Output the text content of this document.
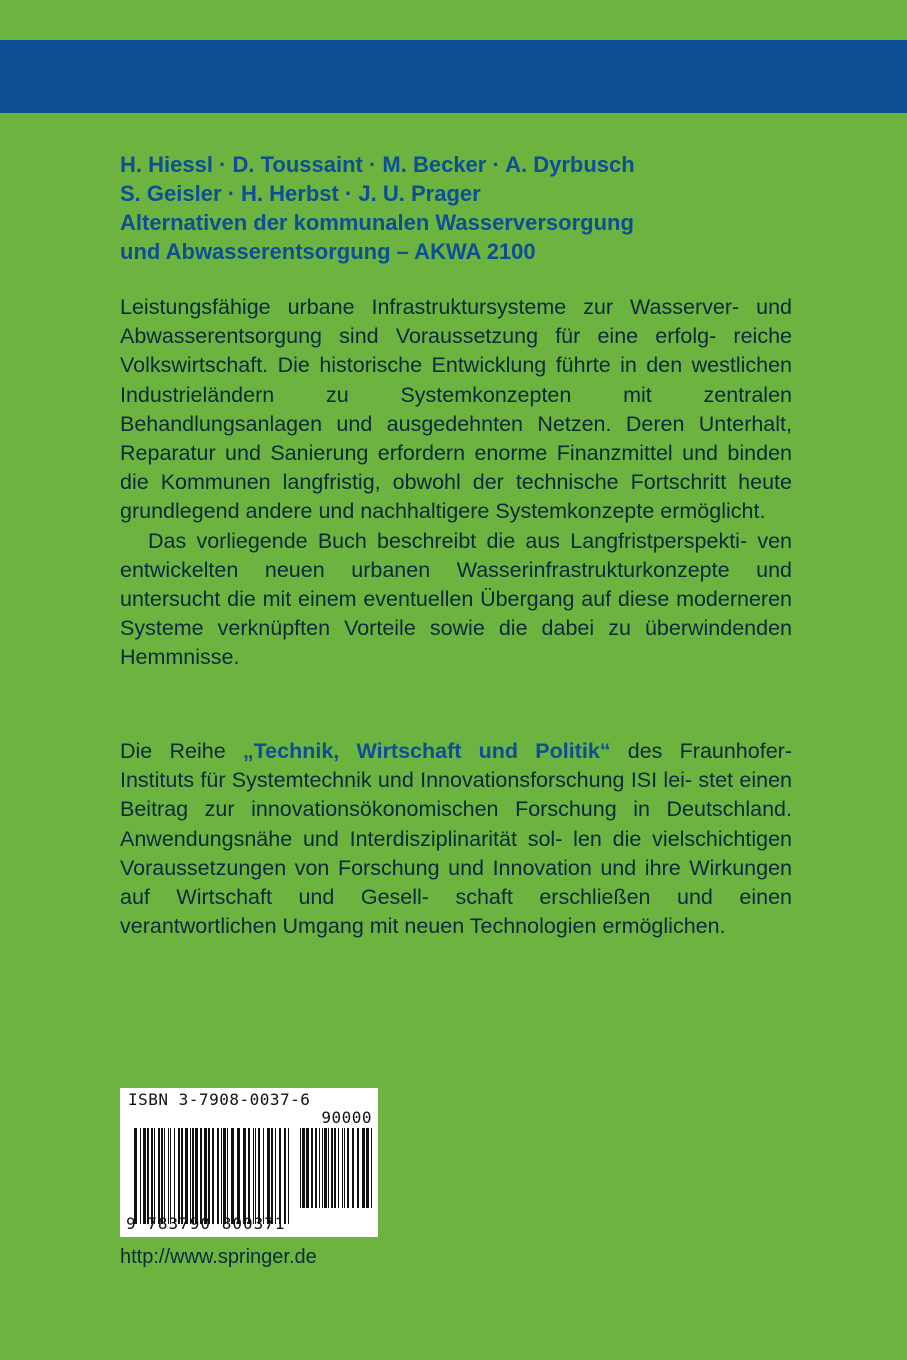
H. Hiessl · D. Toussaint · M. Becker · A. Dyrbusch
S. Geisler · H. Herbst · J. U. Prager
Alternativen der kommunalen Wasserversorgung
und Abwasserentsorgung – AKWA 2100

Leistungsfähige urbane Infrastruktursysteme zur Wasserver- und Abwasserentsorgung sind Voraussetzung für eine erfolg- reiche Volkswirtschaft. Die historische Entwicklung führte in den westlichen Industrieländern zu Systemkonzepten mit zentralen Behandlungsanlagen und ausgedehnten Netzen. Deren Unterhalt, Reparatur und Sanierung erfordern enorme Finanzmittel und binden die Kommunen langfristig, obwohl der technische Fortschritt heute grundlegend andere und nachhaltigere Systemkonzepte ermöglicht.

Das vorliegende Buch beschreibt die aus Langfristperspekti- ven entwickelten neuen urbanen Wasserinfrastrukturkonzepte und untersucht die mit einem eventuellen Übergang auf diese moderneren Systeme verknüpften Vorteile sowie die dabei zu überwindenden Hemmnisse.

Die Reihe „Technik, Wirtschaft und Politik“ des Fraunhofer- Instituts für Systemtechnik und Innovationsforschung ISI lei- stet einen Beitrag zur innovationsökonomischen Forschung in Deutschland. Anwendungsnähe und Interdisziplinarität sol- len die vielschichtigen Voraussetzungen von Forschung und Innovation und ihre Wirkungen auf Wirtschaft und Gesell- schaft erschließen und einen verantwortlichen Umgang mit neuen Technologien ermöglichen.

ISBN 3-7908-0037-6
90000
9 783790 800371
http://www.springer.de
